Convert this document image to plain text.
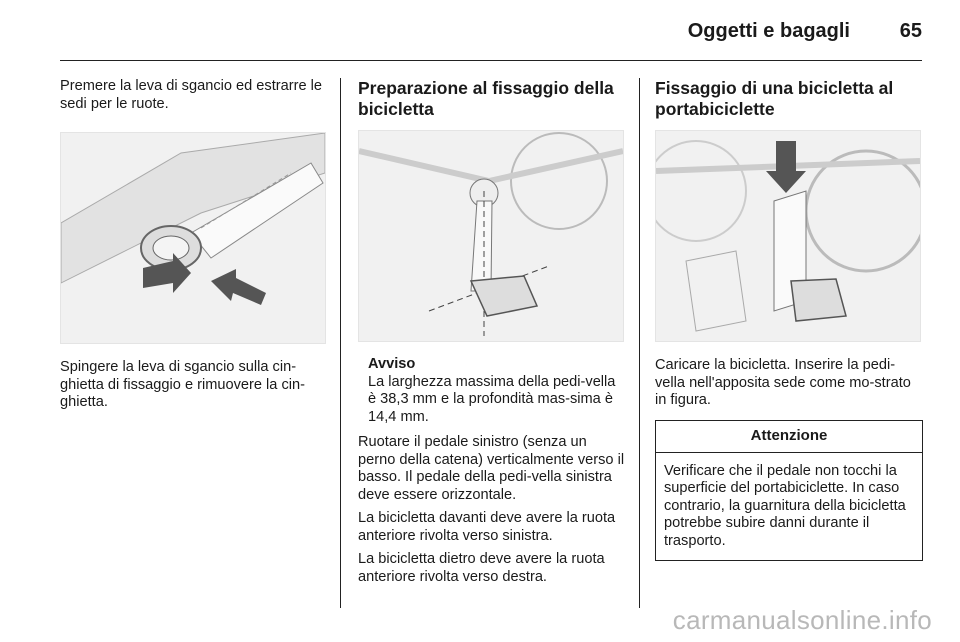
Oggetti e bagagli 65

Premere la leva di sgancio ed estrarre le sedi per le ruote.

Spingere la leva di sgancio sulla cin-ghietta di fissaggio e rimuovere la cin-ghietta.

Preparazione al fissaggio della bicicletta
Avviso

La larghezza massima della pedi-vella è 38,3 mm e la profondità mas-sima è 14,4 mm.

Ruotare il pedale sinistro (senza un perno della catena) verticalmente verso il basso. Il pedale della pedi-vella sinistra deve essere orizzontale.

La bicicletta davanti deve avere la ruota anteriore rivolta verso sinistra.

La bicicletta dietro deve avere la ruota anteriore rivolta verso destra.

Fissaggio di una bicicletta al portabiciclette

Caricare la bicicletta. Inserire la pedi-vella nell'apposita sede come mo-strato in figura.

Attenzione
Verificare che il pedale non tocchi la superficie del portabiciclette. In caso contrario, la guarnitura della bicicletta potrebbe subire danni durante il trasporto.
carmanualsonline.info
